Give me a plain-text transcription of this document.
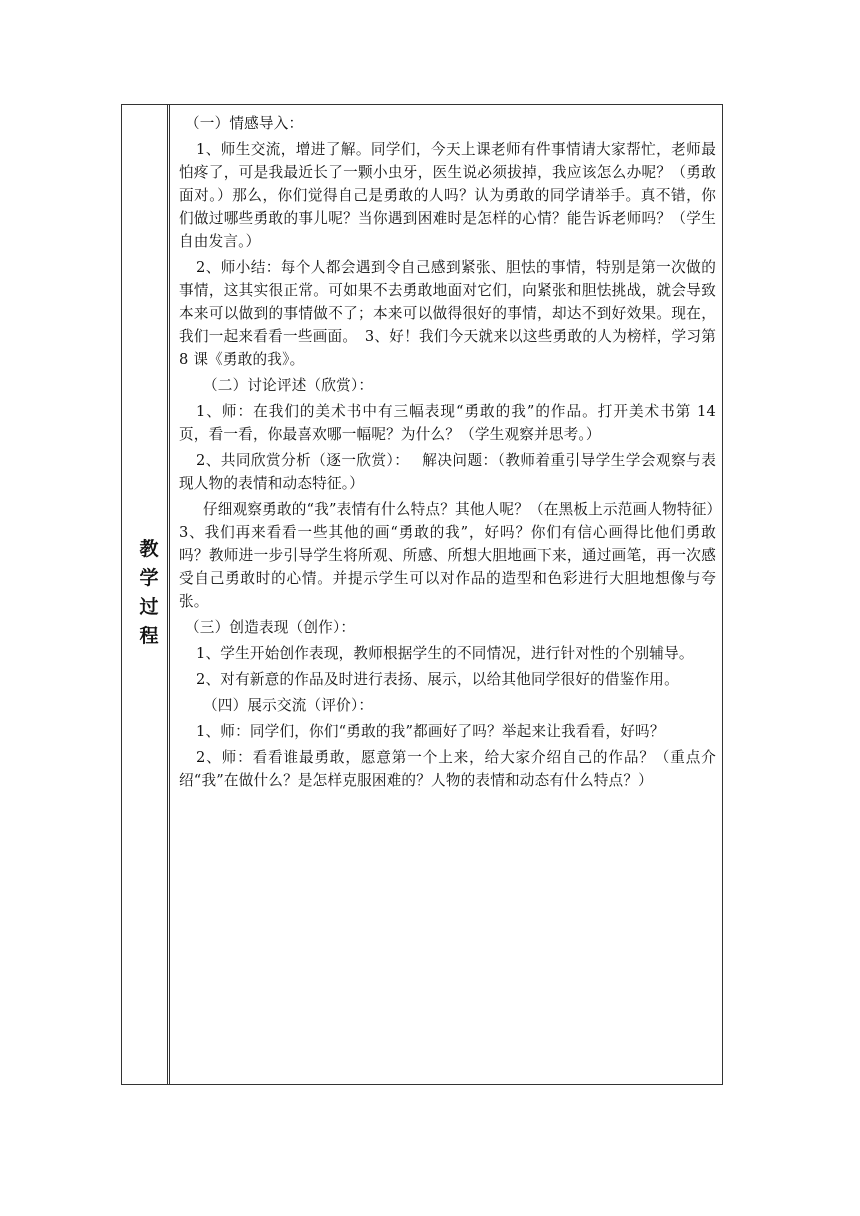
教
学
过
程

（一）情感导入：

1、师生交流，增进了解。同学们，今天上课老师有件事情请大家帮忙，老师最怕疼了，可是我最近长了一颗小虫牙，医生说必须拔掉，我应该怎么办呢？（勇敢面对。）那么，你们觉得自己是勇敢的人吗？认为勇敢的同学请举手。真不错，你们做过哪些勇敢的事儿呢？当你遇到困难时是怎样的心情？能告诉老师吗？（学生自由发言。）

2、师小结：每个人都会遇到令自己感到紧张、胆怯的事情，特别是第一次做的事情，这其实很正常。可如果不去勇敢地面对它们，向紧张和胆怯挑战，就会导致本来可以做到的事情做不了；本来可以做得很好的事情，却达不到好效果。现在，我们一起来看看一些画面。　3、好！我们今天就来以这些勇敢的人为榜样，学习第 8 课《勇敢的我》。

（二）讨论评述（欣赏）：

1、师：在我们的美术书中有三幅表现“勇敢的我”的作品。打开美术书第 14 页，看一看，你最喜欢哪一幅呢？为什么？（学生观察并思考。）

2、共同欣赏分析（逐一欣赏）：　 解决问题：（教师着重引导学生学会观察与表现人物的表情和动态特征。）

仔细观察勇敢的“我”表情有什么特点？其他人呢？（在黑板上示范画人物特征）

3、我们再来看看一些其他的画“勇敢的我”，好吗？你们有信心画得比他们勇敢吗？教师进一步引导学生将所观、所感、所想大胆地画下来，通过画笔，再一次感受自己勇敢时的心情。并提示学生可以对作品的造型和色彩进行大胆地想像与夸张。

（三）创造表现（创作）：

1、学生开始创作表现，教师根据学生的不同情况，进行针对性的个别辅导。

2、对有新意的作品及时进行表扬、展示，以给其他同学很好的借鉴作用。

（四）展示交流（评价）：

1、师：同学们，你们“勇敢的我”都画好了吗？举起来让我看看，好吗？

2、师：看看谁最勇敢，愿意第一个上来，给大家介绍自己的作品？（重点介绍“我”在做什么？是怎样克服困难的？人物的表情和动态有什么特点？）
